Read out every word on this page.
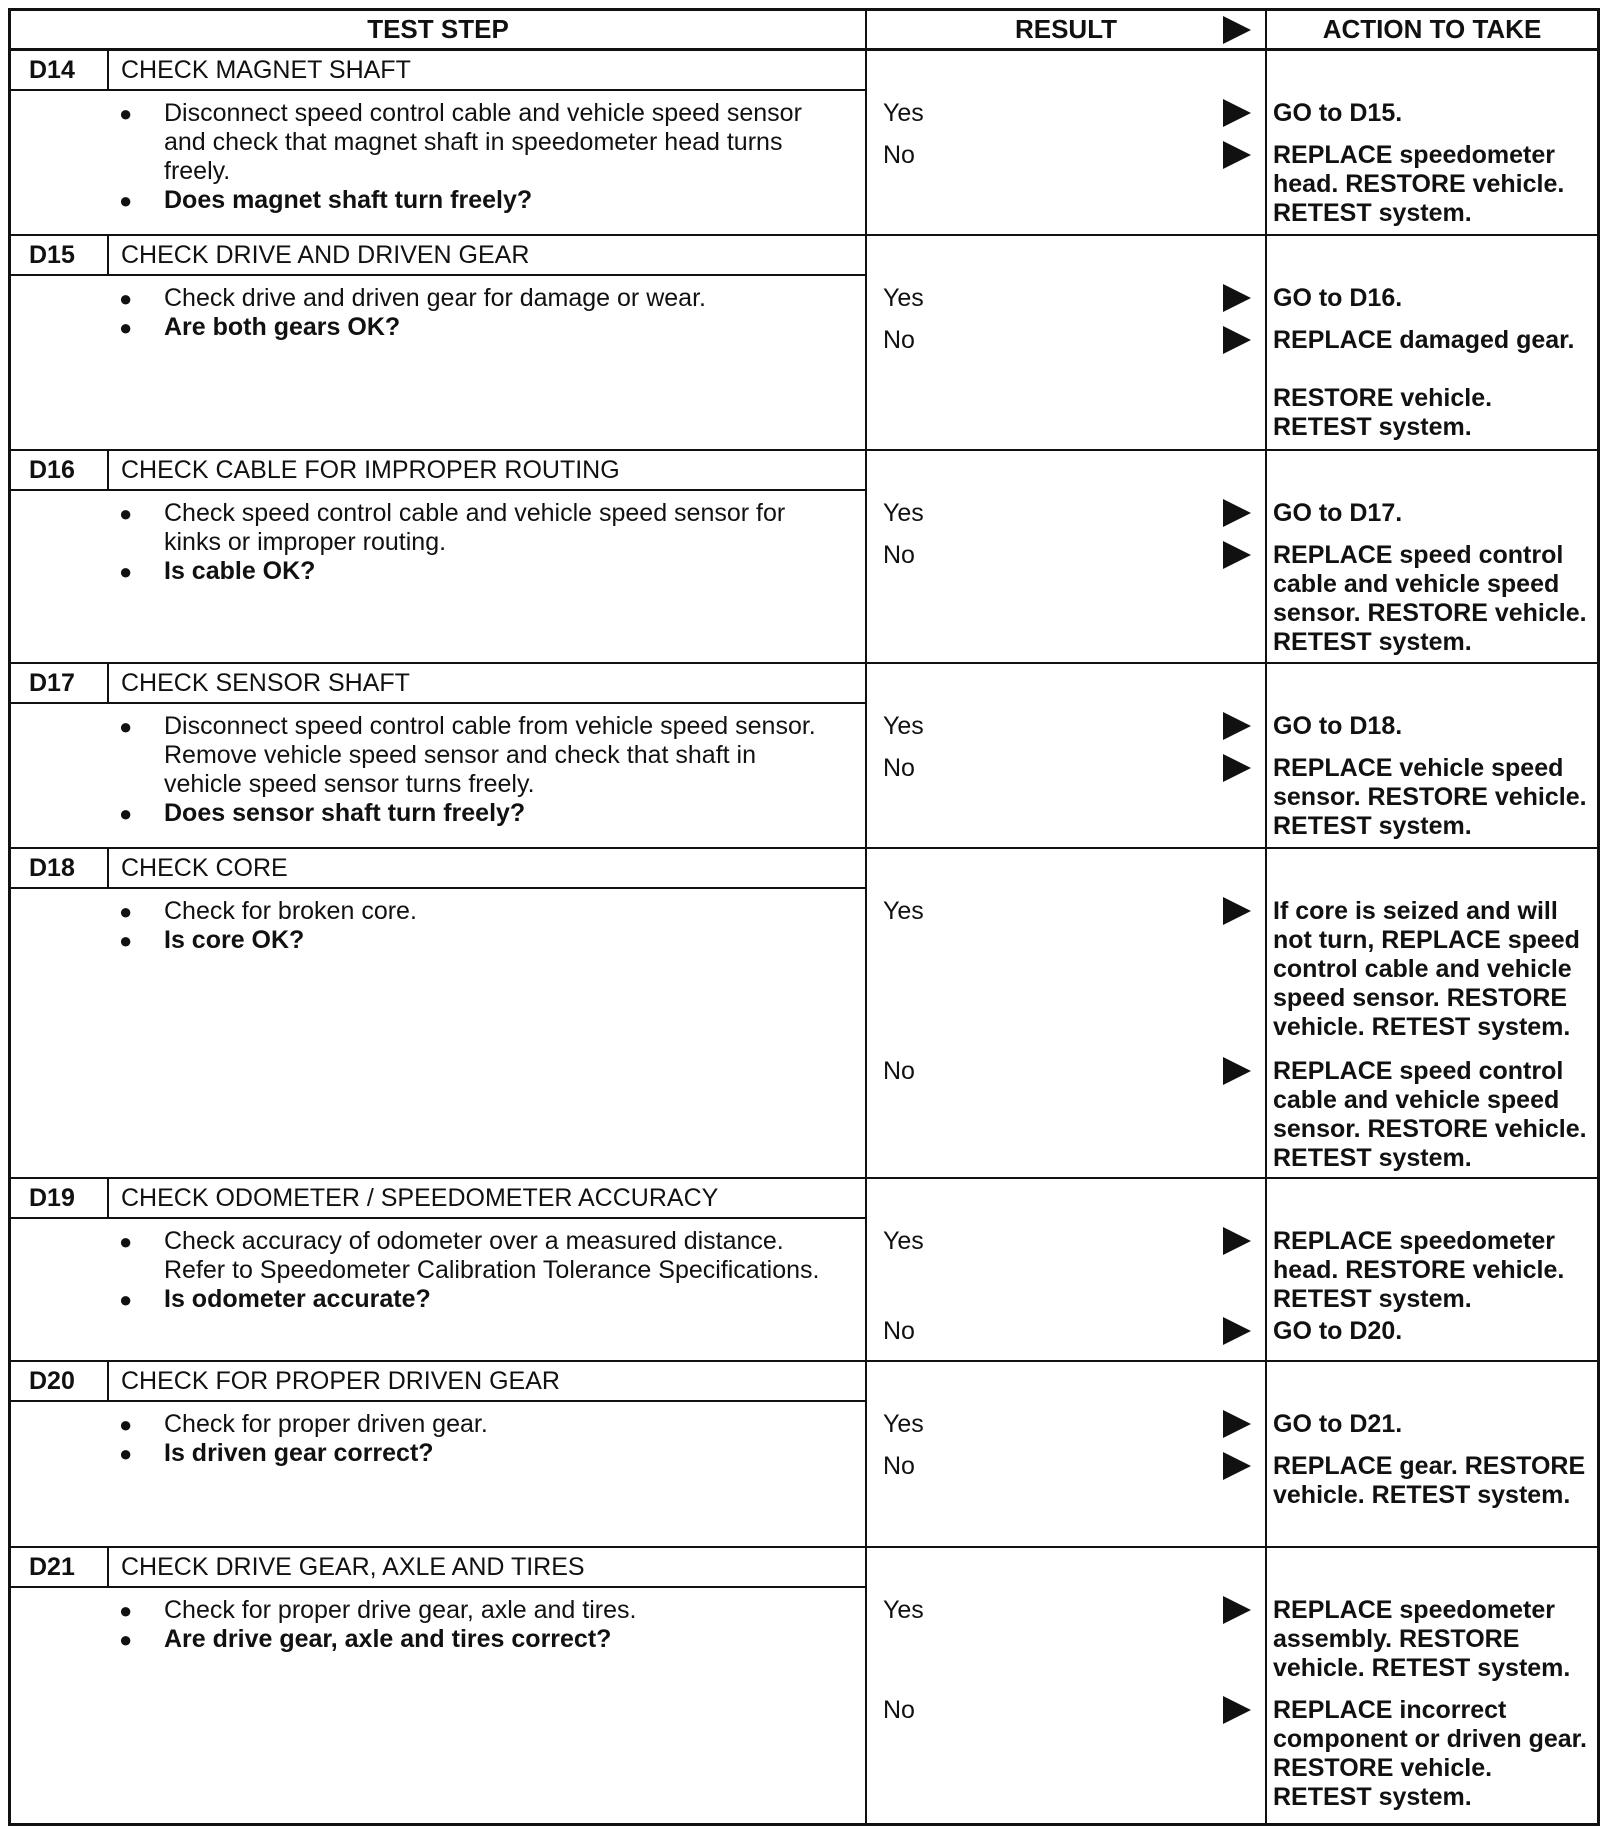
TEST STEP	RESULT	ACTION TO TAKE
D14	CHECK MAGNET SHAFT
●	Disconnect speed control cable and vehicle speed sensor and check that magnet shaft in speedometer head turns freely.
●	Does magnet shaft turn freely?
Yes	GO to D15.
No	REPLACE speedometer head. RESTORE vehicle. RETEST system.
D15	CHECK DRIVE AND DRIVEN GEAR
●	Check drive and driven gear for damage or wear.
●	Are both gears OK?
Yes	GO to D16.
No	REPLACE damaged gear.

RESTORE vehicle. RETEST system.
D16	CHECK CABLE FOR IMPROPER ROUTING
●	Check speed control cable and vehicle speed sensor for kinks or improper routing.
●	Is cable OK?
Yes	GO to D17.
No	REPLACE speed control cable and vehicle speed sensor. RESTORE vehicle. RETEST system.
D17	CHECK SENSOR SHAFT
●	Disconnect speed control cable from vehicle speed sensor. Remove vehicle speed sensor and check that shaft in vehicle speed sensor turns freely.
●	Does sensor shaft turn freely?
Yes	GO to D18.
No	REPLACE vehicle speed sensor. RESTORE vehicle. RETEST system.
D18	CHECK CORE
●	Check for broken core.
●	Is core OK?
Yes	If core is seized and will not turn, REPLACE speed control cable and vehicle speed sensor. RESTORE vehicle. RETEST system.
No	REPLACE speed control cable and vehicle speed sensor. RESTORE vehicle. RETEST system.
D19	CHECK ODOMETER / SPEEDOMETER ACCURACY
●	Check accuracy of odometer over a measured distance. Refer to Speedometer Calibration Tolerance Specifications.
●	Is odometer accurate?
Yes	REPLACE speedometer head. RESTORE vehicle. RETEST system.
No	GO to D20.
D20	CHECK FOR PROPER DRIVEN GEAR
●	Check for proper driven gear.
●	Is driven gear correct?
Yes	GO to D21.
No	REPLACE gear. RESTORE vehicle. RETEST system.
D21	CHECK DRIVE GEAR, AXLE AND TIRES
●	Check for proper drive gear, axle and tires.
●	Are drive gear, axle and tires correct?
Yes	REPLACE speedometer assembly. RESTORE vehicle. RETEST system.
No	REPLACE incorrect component or driven gear. RESTORE vehicle. RETEST system.
